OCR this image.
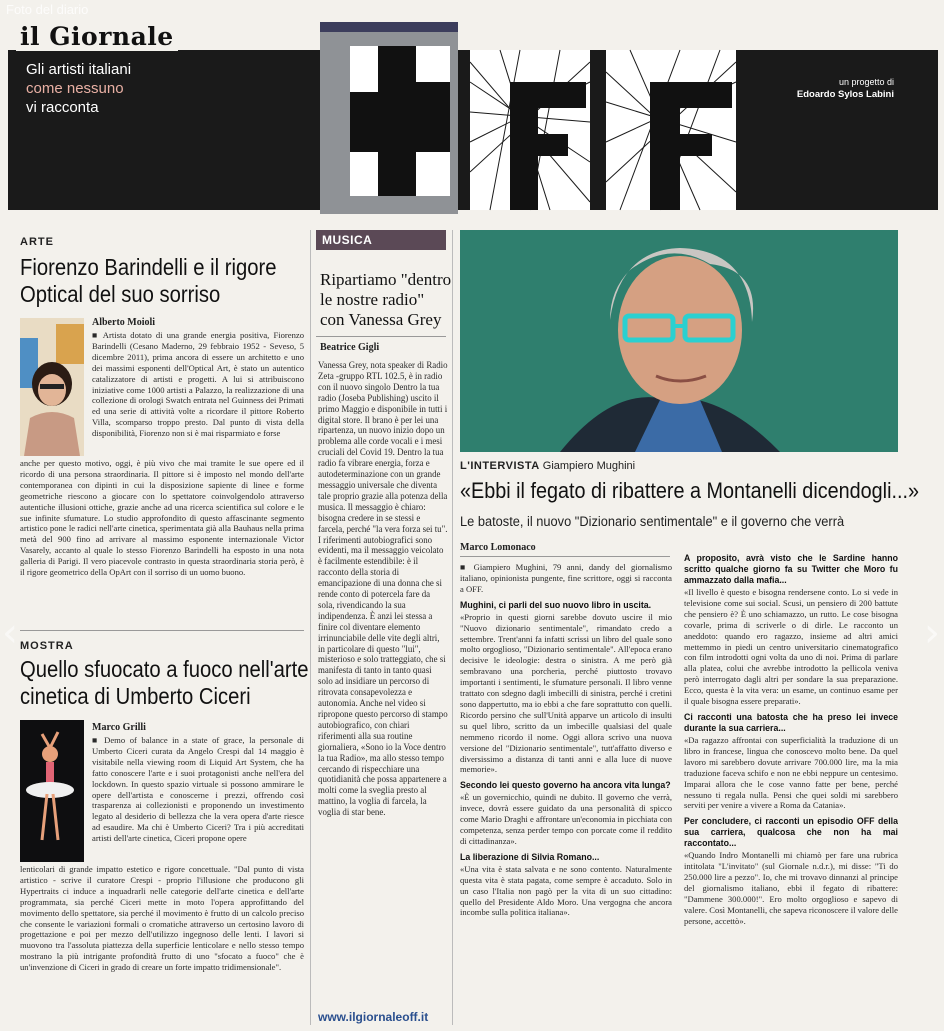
Foto del diario
il Giornale
Gli artisti italiani
come nessuno
vi racconta
un progetto di
Edoardo Sylos Labini
ARTE
Fiorenzo Barindelli e il rigore
Optical del suo sorriso
Alberto Moioli
■ Artista dotato di una grande energia positiva, Fiorenzo Barindelli (Cesano Maderno, 29 febbraio 1952 - Seveso, 5 dicembre 2011), prima ancora di essere un architetto e uno dei massimi esponenti dell'Optical Art, è stato un autentico catalizzatore di artisti e progetti. A lui si attribuiscono iniziative come 1000 artisti a Palazzo, la realizzazione di una collezione di orologi Swatch entrata nel Guinness dei Primati ed una serie di attività volte a ricordare il pittore Roberto Villa, scomparso troppo presto. Dal punto di vista della disponibilità, Fiorenzo non si è mai risparmiato e forse
anche per questo motivo, oggi, è più vivo che mai tramite le sue opere ed il ricordo di una persona straordinaria. Il pittore si è imposto nel mondo dell'arte contemporanea con dipinti in cui la disposizione sapiente di linee e forme geometriche riescono a giocare con lo spettatore coinvolgendolo attraverso autentiche illusioni ottiche, grazie anche ad una ricerca scientifica sul colore e le sue infinite sfumature. Lo studio approfondito di questo affascinante segmento artistico pone le radici nell'arte cinetica, sperimentata già alla Bauhaus nella prima metà del 900 fino ad arrivare al massimo esponente internazionale Victor Vasarely, accanto al quale lo stesso Fiorenzo Barindelli ha esposto in una nota galleria di Parigi. Il vero piacevole contrasto in questa straordinaria storia però, è il rigore geometrico della OpArt con il sorriso di un uomo buono.
MOSTRA
Quello sfuocato a fuoco nell'arte
cinetica di Umberto Ciceri
Marco Grilli
■ Demo of balance in a state of grace, la personale di Umberto Ciceri curata da Angelo Crespi dal 14 maggio è visitabile nella viewing room di Liquid Art System, che ha fatto conoscere l'arte e i suoi protagonisti anche nell'era del lockdown. In questo spazio virtuale si possono ammirare le opere dell'artista e conoscerne i prezzi, offrendo così trasparenza ai collezionisti e proponendo un investimento legato al desiderio di bellezza che la vera opera d'arte riesce ad esaudire. Ma chi è Umberto Ciceri? Tra i più accreditati artisti dell'arte cinetica, Ciceri propone opere
lenticolari di grande impatto estetico e rigore concettuale. "Dal punto di vista artistico - scrive il curatore Crespi - proprio l'illusione che producono gli Hypertraits ci induce a inquadrarli nelle categorie dell'arte cinetica e dell'arte programmata, sia perché Ciceri mette in moto l'opera approfittando del movimento dello spettatore, sia perché il movimento è frutto di un calcolo preciso che consente le variazioni formali o cromatiche attraverso un certosino lavoro di progettazione e poi per mezzo dell'utilizzo ingegnoso delle lenti. I lavori si muovono tra l'assoluta piattezza della superficie lenticolare e nello stesso tempo mostrano la più intrigante profondità frutto di uno "sfocato a fuoco" che è un'invenzione di Ciceri in grado di creare un forte impatto tridimensionale".
MUSICA
Ripartiamo "dentro
le nostre radio"
con Vanessa Grey
Beatrice Gigli
Vanessa Grey, nota speaker di Radio Zeta -gruppo RTL 102.5, è in radio con il nuovo singolo Dentro la tua radio (Joseba Publishing) uscito il primo Maggio e disponibile in tutti i digital store. Il brano è per lei una ripartenza, un nuovo inizio dopo un problema alle corde vocali e i mesi cruciali del Covid 19. Dentro la tua radio fa vibrare energia, forza e autodeterminazione con un grande messaggio universale che diventa tale proprio grazie alla potenza della musica. Il messaggio è chiaro: bisogna credere in se stessi e farcela, perché "la vera forza sei tu". I riferimenti autobiografici sono evidenti, ma il messaggio veicolato è facilmente estendibile: è il racconto della storia di emancipazione di una donna che si rende conto di potercela fare da sola, rivendicando la sua indipendenza. È anzi lei stessa a finire col diventare elemento irrinunciabile delle vite degli altri, in particolare di questo "lui", misterioso e solo tratteggiato, che si manifesta di tanto in tanto quasi solo ad insidiare un percorso di ritrovata consapevolezza e autonomia. Anche nel video si ripropone questo percorso di stampo autobiografico, con chiari riferimenti alla sua routine giornaliera, «Sono io la Voce dentro la tua Radio», ma allo stesso tempo cercando di rispecchiare una quotidianità che possa appartenere a molti come la sveglia presto al mattino, la voglia di farcela, la voglia di star bene.
www.ilgiornaleoff.it
L'INTERVISTA Giampiero Mughini
«Ebbi il fegato di ribattere a Montanelli dicendogli...»
Le batoste, il nuovo "Dizionario sentimentale" e il governo che verrà
Marco Lomonaco

■ Giampiero Mughini, 79 anni, dandy del giornalismo italiano, opinionista pungente, fine scrittore, oggi si racconta a OFF.

Mughini, ci parli del suo nuovo libro in uscita.

«Proprio in questi giorni sarebbe dovuto uscire il mio "Nuovo dizionario sentimentale", rimandato credo a settembre. Trent'anni fa infatti scrissi un libro del quale sono molto orgoglioso, "Dizionario sentimentale". All'epoca erano decisive le ideologie: destra o sinistra. A me però già sembravano una porcheria, perché piuttosto trovavo importanti i sentimenti, le sfumature personali. Il libro venne trattato con sdegno dagli imbecilli di sinistra, perché i cretini sono dappertutto, ma io ebbi a che fare soprattutto con quelli. Ricordo persino che sull'Unità apparve un articolo di insulti su quel libro, scritto da un imbecille qualsiasi del quale nemmeno ricordo il nome. Oggi allora scrivo una nuova versione del "Dizionario sentimentale", tutt'affatto diverso e diversissimo a distanza di tanti anni e alla luce di nuove memorie».

Secondo lei questo governo ha ancora vita lunga?

«È un governicchio, quindi ne dubito. Il governo che verrà, invece, dovrà essere guidato da una personalità di spicco come Mario Draghi e affrontare un'economia in picchiata con competenza, senza perder tempo con porcate come il reddito di cittadinanza».

La liberazione di Silvia Romano...

«Una vita è stata salvata e ne sono contento. Naturalmente questa vita è stata pagata, come sempre è accaduto. Solo in un caso l'Italia non pagò per la vita di un suo cittadino: quello del Presidente Aldo Moro. Una vergogna che ancora incombe sulla politica italiana».

A proposito, avrà visto che le Sardine hanno scritto qualche giorno fa su Twitter che Moro fu ammazzato dalla mafia...

«Il livello è questo e bisogna rendersene conto. Lo si vede in televisione come sui social. Scusi, un pensiero di 200 battute che pensiero è? È uno schiamazzo, un rutto. Le cose bisogna covarle, prima di scriverle o di dirle. Le racconto un aneddoto: quando ero ragazzo, insieme ad altri amici mettemmo in piedi un centro universitario cinematografico con film introdotti ogni volta da uno di noi. Prima di parlare alla platea, colui che avrebbe introdotto la pellicola veniva però interrogato dagli altri per sondare la sua preparazione. Ecco, questa è la vita vera: un esame, un continuo esame per il quale bisogna essere preparati».

Ci racconti una batosta che ha preso lei invece durante la sua carriera...

«Da ragazzo affrontai con superficialità la traduzione di un libro in francese, lingua che conoscevo molto bene. Da quel lavoro mi sarebbero dovute arrivare 700.000 lire, ma la mia traduzione faceva schifo e non ne ebbi neppure un centesimo. Imparai allora che le cose vanno fatte per bene, perché nessuno ti regala nulla. Pensi che quei soldi mi sarebbero serviti per venire a vivere a Roma da Catania».

Per concludere, ci racconti un episodio OFF della sua carriera, qualcosa che non ha mai raccontato...

«Quando Indro Montanelli mi chiamò per fare una rubrica intitolata "L'invitato" (sul Giornale n.d.r.), mi disse: "Ti do 250.000 lire a pezzo". Io, che mi trovavo dinnanzi al principe del giornalismo italiano, ebbi il fegato di ribattere: "Dammene 300.000!". Ero molto orgoglioso e sapevo di valere. Così Montanelli, che sapeva riconoscere il valore delle persone, accettò».

›
‹
